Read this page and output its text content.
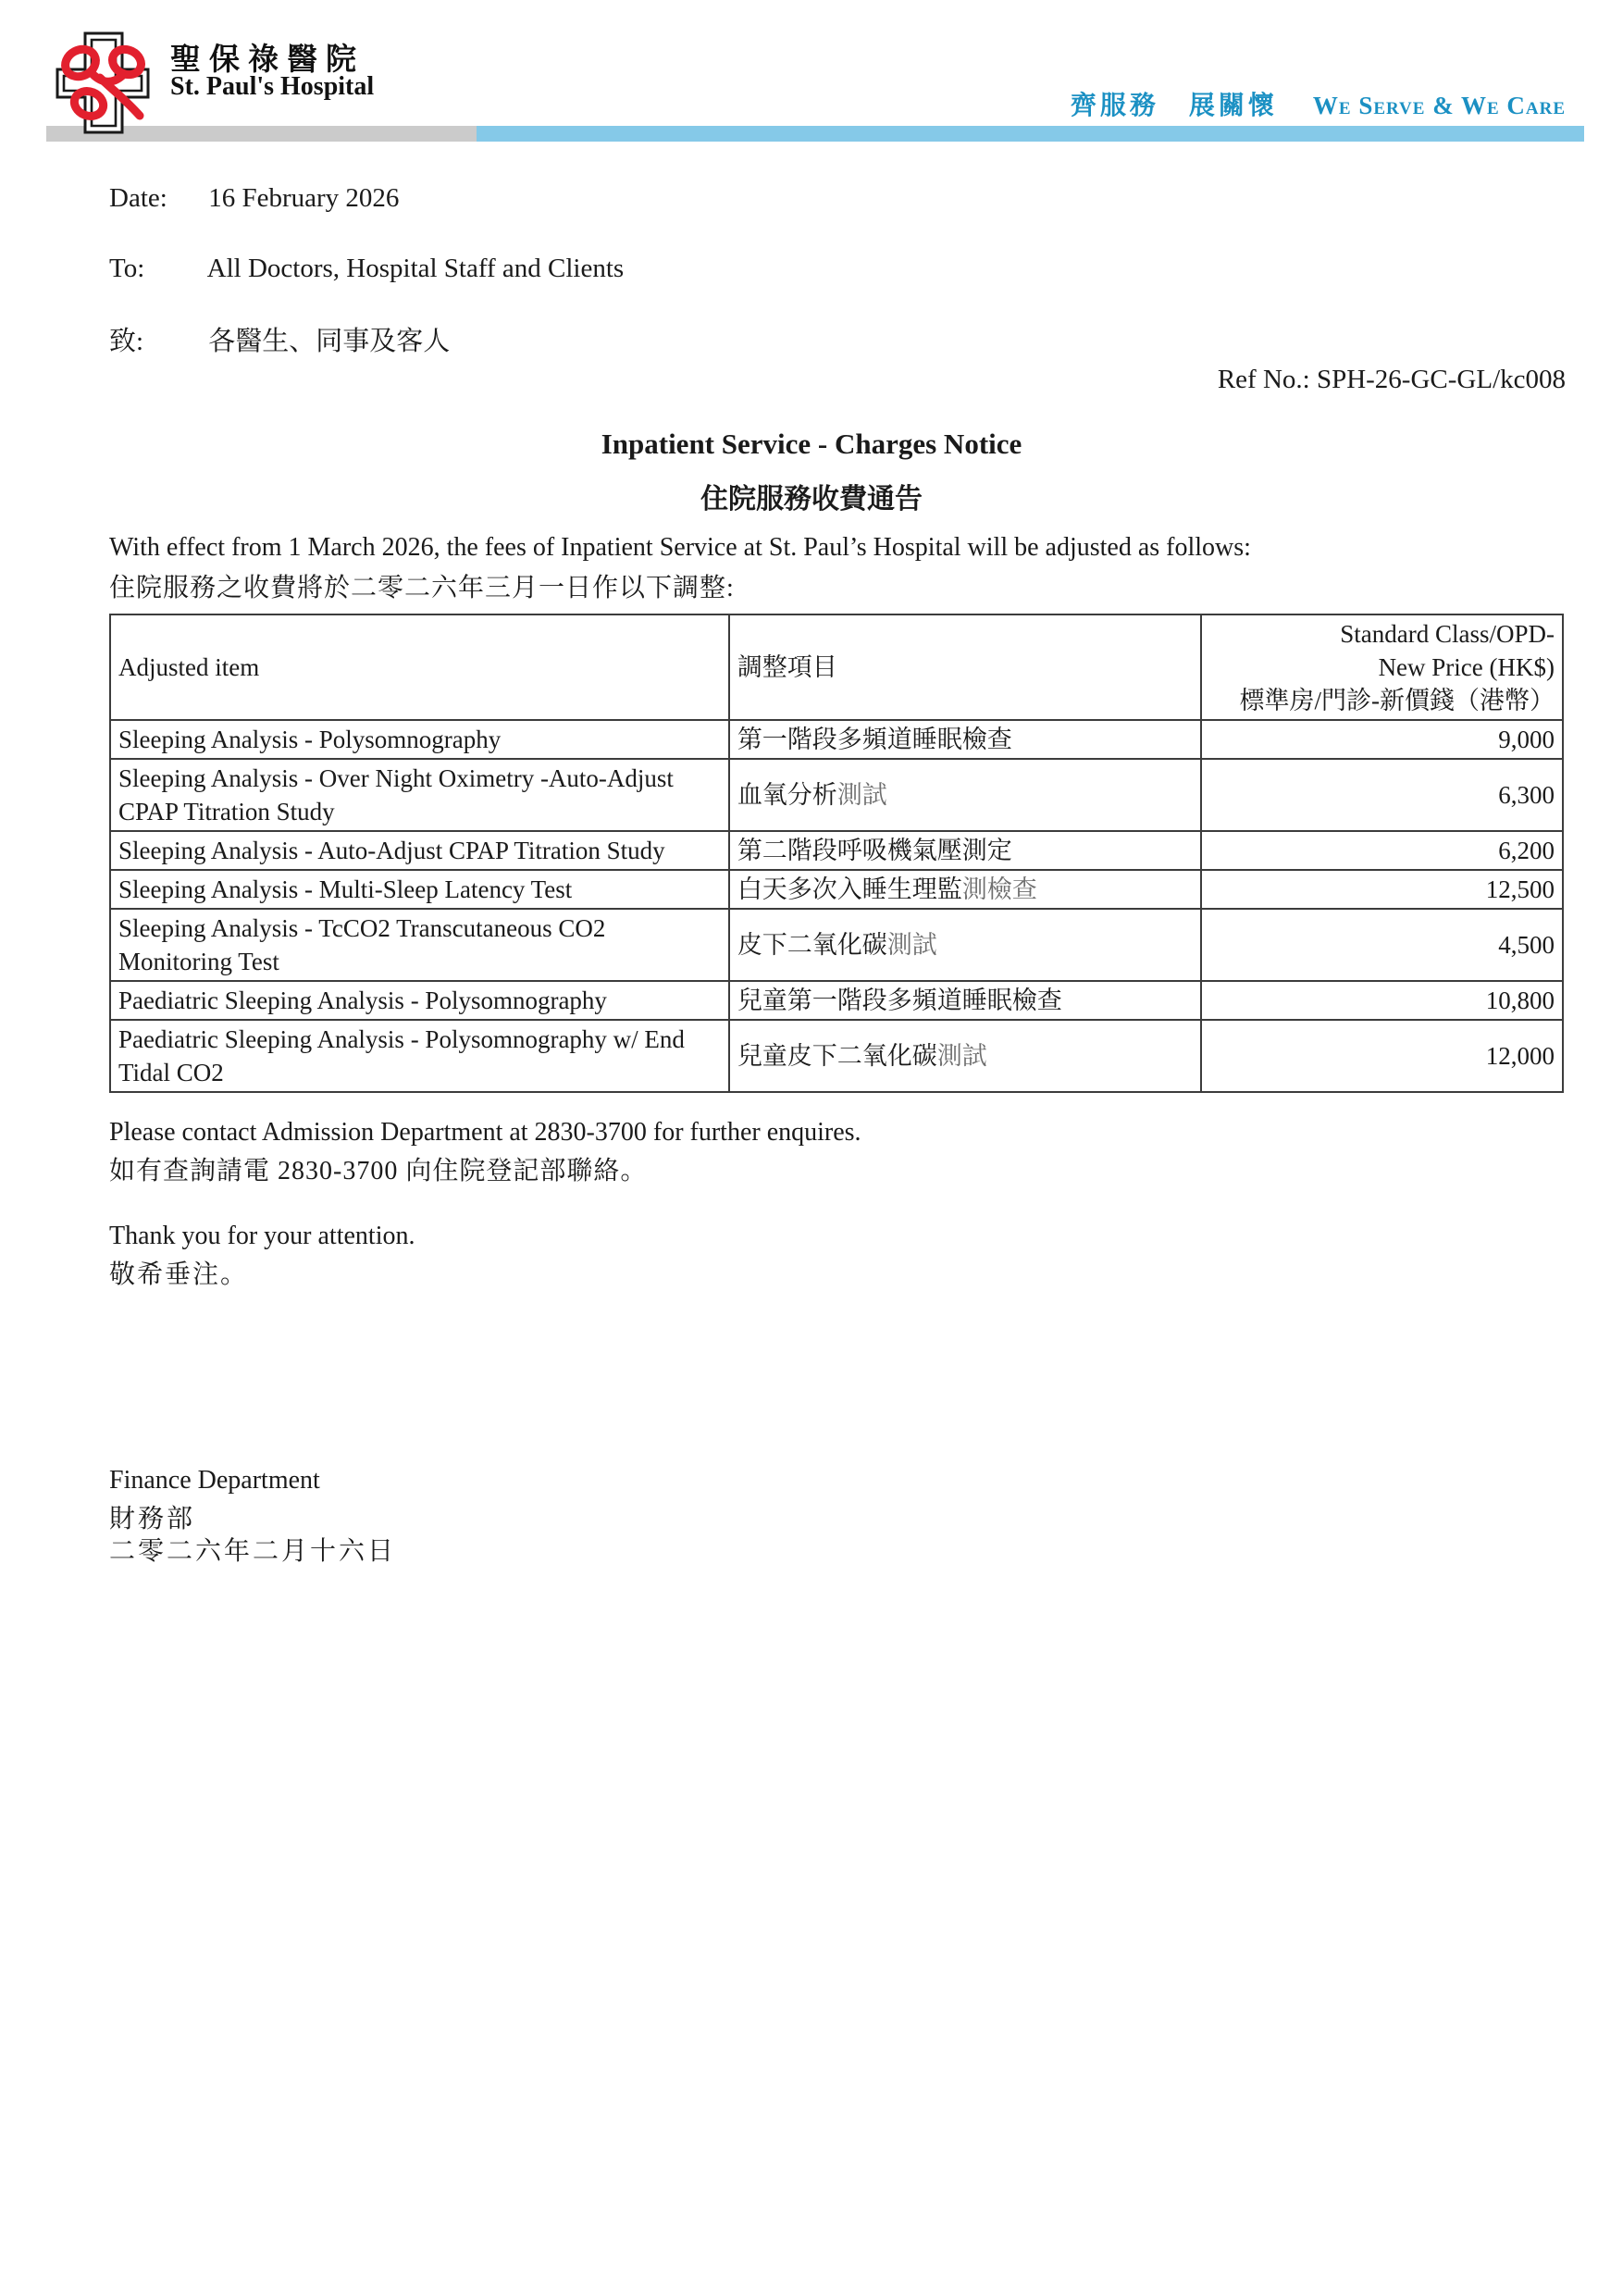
聖保祿醫院
St. Paul's Hospital
齊服務　展關懷 We Serve & We Care
Date: 16 February 2026
To: All Doctors, Hospital Staff and Clients
致: 各醫生、同事及客人
Ref No.: SPH-26-GC-GL/kc008
Inpatient Service - Charges Notice
住院服務收費通告
With effect from 1 March 2026, the fees of Inpatient Service at St. Paul’s Hospital will be adjusted as follows:
住院服務之收費將於二零二六年三月一日作以下調整:
Adjusted item	調整項目	Standard Class/OPD-
New Price (HK$)
標準房/門診-新價錢（港幣）

Sleeping Analysis - Polysomnography	第一階段多頻道睡眠檢查	9,000
Sleeping Analysis - Over Night Oximetry -Auto-Adjust CPAP Titration Study	血氧分析測試	6,300
Sleeping Analysis - Auto-Adjust CPAP Titration Study	第二階段呼吸機氣壓測定	6,200
Sleeping Analysis - Multi-Sleep Latency Test	白天多次入睡生理監測檢查	12,500
Sleeping Analysis - TcCO2 Transcutaneous CO2 Monitoring Test	皮下二氧化碳測試	4,500
Paediatric Sleeping Analysis - Polysomnography	兒童第一階段多頻道睡眠檢查	10,800
Paediatric Sleeping Analysis - Polysomnography w/ End Tidal CO2	兒童皮下二氧化碳測試	12,000
Please contact Admission Department at 2830-3700 for further enquires.
如有查詢請電 2830-3700 向住院登記部聯絡。
Thank you for your attention.
敬希垂注。
Finance Department
財務部
二零二六年二月十六日
